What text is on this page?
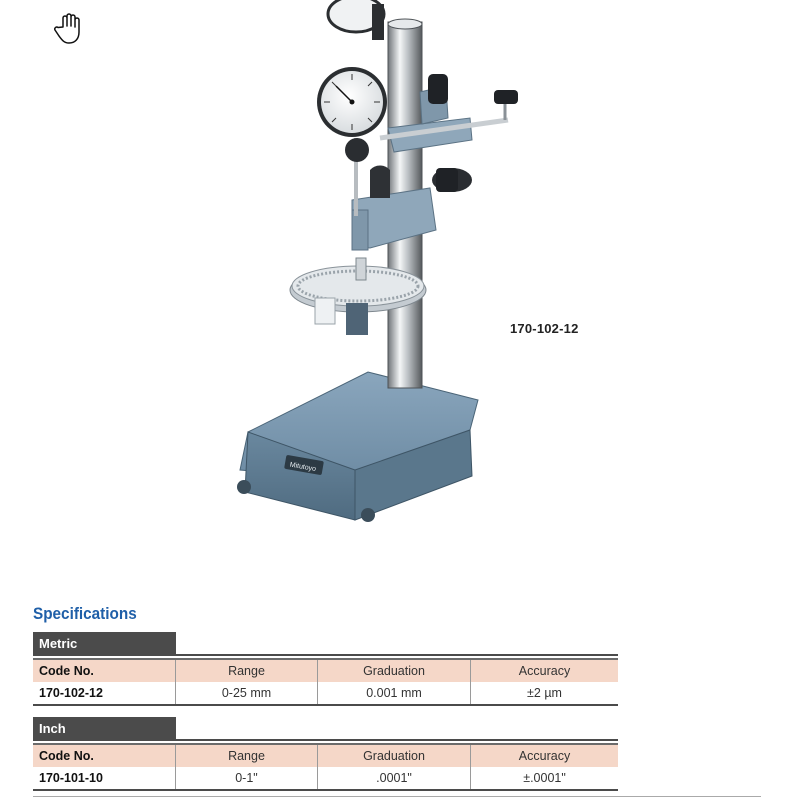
Mitutoyo
170-102-12
Specifications
Metric
Code No.	Range	Graduation	Accuracy
170-102-12	0-25 mm	0.001 mm	±2 µm
Inch
Code No.	Range	Graduation	Accuracy
170-101-10	0-1"	.0001"	±.0001"
